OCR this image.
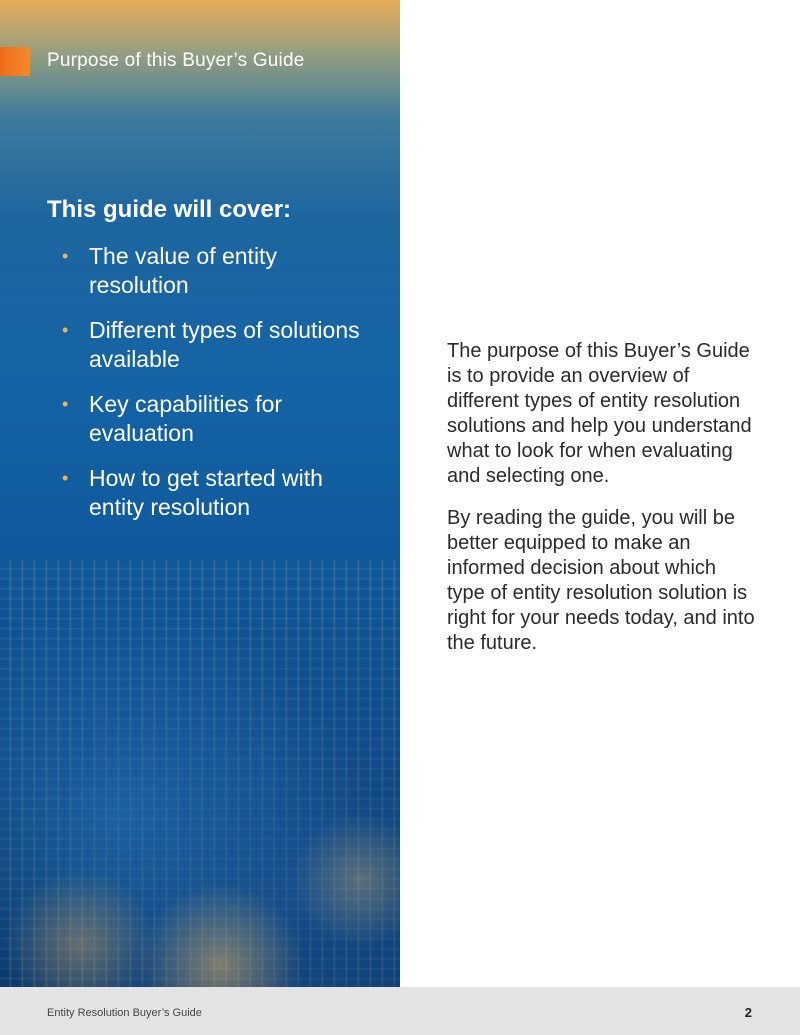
Purpose of this Buyer’s Guide
This guide will cover:
• The value of entity resolution
• Different types of solutions available
• Key capabilities for evaluation
• How to get started with entity resolution

The purpose of this Buyer’s Guide is to provide an overview of different types of entity resolution solutions and help you understand what to look for when evaluating and selecting one.

By reading the guide, you will be better equipped to make an informed decision about which type of entity resolution solution is right for your needs today, and into the future.

Entity Resolution Buyer’s Guide	2
